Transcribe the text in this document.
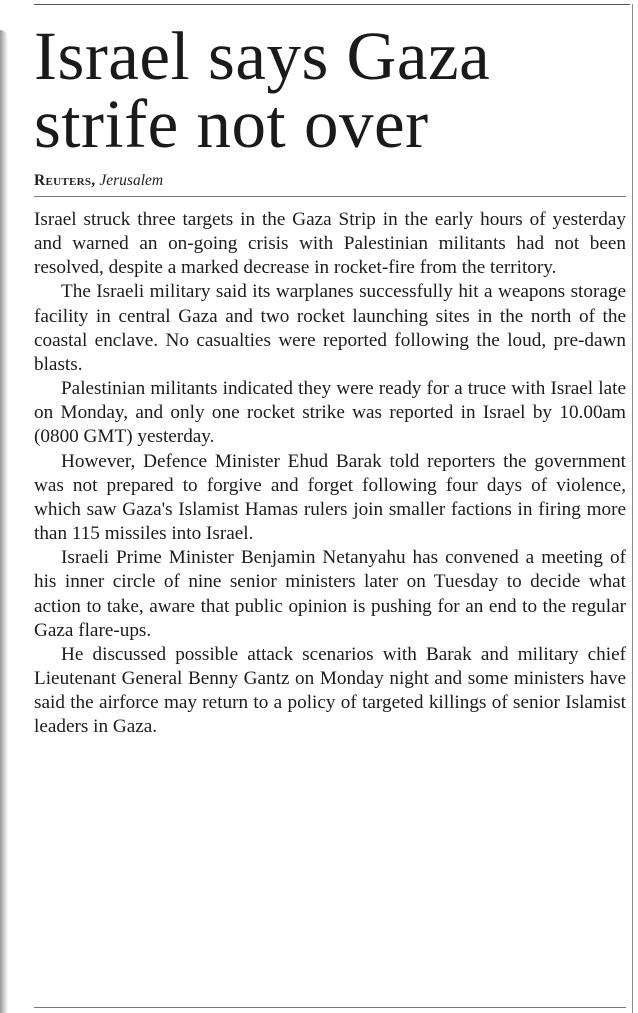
Israel says Gaza
strife not over
Reuters, Jerusalem

Israel struck three targets in the Gaza Strip in the early hours of yesterday and warned an on-going crisis with Palestinian militants had not been resolved, despite a marked decrease in rocket-fire from the territory.

The Israeli military said its warplanes successfully hit a weapons storage facility in central Gaza and two rocket launching sites in the north of the coastal enclave. No casualties were reported following the loud, pre-dawn blasts.

Palestinian militants indicated they were ready for a truce with Israel late on Monday, and only one rocket strike was reported in Israel by 10.00am (0800 GMT) yesterday.

However, Defence Minister Ehud Barak told reporters the government was not prepared to forgive and forget following four days of violence, which saw Gaza's Islamist Hamas rulers join smaller factions in firing more than 115 missiles into Israel.

Israeli Prime Minister Benjamin Netanyahu has convened a meeting of his inner circle of nine senior ministers later on Tuesday to decide what action to take, aware that public opinion is pushing for an end to the regular Gaza flare-ups.

He discussed possible attack scenarios with Barak and military chief Lieutenant General Benny Gantz on Monday night and some ministers have said the airforce may return to a policy of targeted killings of senior Islamist leaders in Gaza.
